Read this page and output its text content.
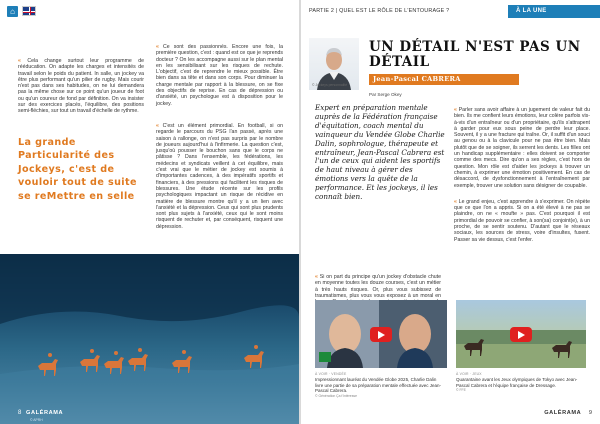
⌂

« Cela change surtout leur programme de rééducation. On adapte les charges et intensités de travail selon le poids du patient. In salle, un jockey va être plus performant qu'un pilier de rugby. Mais courir n'est pas dans ses habitudes, on ne lui demandera pas la même chose sur ce point qu'un joueur de foot ou qu'un coureur de fond par définition. On va insister sur des exercices placés, l'équilibre, des positions semi-fléchies, sur tout un travail d'échelle de rythme.

La grande Particularité des Jockeys, c'est de vouloir tout de suite se reMettre en selle

« Ce sont des passionnés. Encore une fois, la première question, c'est : quand est ce que je reprends docteur ? On les accompagne aussi sur le plan mental en les sensibilisant sur les risques de rechute. L'objectif, c'est de reprendre le mieux possible. Être bien dans sa tête et dans son corps. Pour diminuer la charge mentale par rapport à la blessure, on se fixe des objectifs de reprise. En cas de dépression ou d'anxiété, un psychologue est à disposition pour le jockey.

« C'est un élément primordial. En football, si on regarde le parcours du PSG l'an passé, après une saison à rallonge, on n'est pas surpris par le nombre de joueurs aujourd'hui à l'infirmerie. La question c'est, jusqu'où pousser le bouchon sans que le corps ne pâtisse ? Dans l'ensemble, les fédérations, les médecins et syndicats veillent à cet équilibre, mais c'est vrai que le métier de jockey est soumis à d'importantes cadences, à des impératifs sportifs et financiers, à des pressions qui facilitent les risques de blessures. Une étude récente sur les profils psychologiques impactant un risque de récidive en matière de blessure montre qu'il y a un lien avec l'anxiété et la dépression. Ceux qui sont plus prudents sont plus sujets à l'anxiété, ceux qui le sont moins risquent de rechuter et, par conséquent, risquent une dépression.

8 GALÉRAMA
© APRH
PARTIE 2 | QUEL EST LE RÔLE DE L'ENTOURAGE ?	À LA UNE
© Jockeys personnalité
UN DÉTAIL N'EST PAS UN DÉTAIL
Jean-Pascal CABRERA
Par Serge Okey
Expert en préparation mentale auprès de la Fédération française d'équitation, coach mental du vainqueur du Vendée Globe Charlie Dalin, sophrologue, thérapeute et entraîneur, Jean-Pascal Cabrera est l'un de ceux qui aident les sportifs de haut niveau à gérer des émotions vers la quête de la performance. Et les jockeys, il les connaît bien.

« Si on part du principe qu'un jockey d'obstacle chute en moyenne toutes les douze courses, c'est un métier à très hauts risques. Or, plus vous subissez de traumatismes, plus vous vous exposez à un moral en

« Parler sans avoir affaire à un jugement de valeur fait du bien. Ils me confient leurs émotions, leur colère parfois vis-à-vis d'un entraîneur ou d'un propriétaire, qu'ils s'attrapent à garder pour eux sous peine de perdre leur place. Souvent, il y a une fracture qui traîne. Or, il suffit d'un souci au genou ou à la clavicule pour ne pas être bien. Mais plutôt que de se soigner, ils serrent les dents. Les filles ont un handicap supplémentaire : elles doivent se comporter comme des mecs. Dire qu'on a ses règles, c'est hors de question. Mon rôle est d'aider les jockeys à trouver un chemin, à exprimer une émotion positivement. En cas de désaccord, de dysfonctionnement à l'entraînement par exemple, trouver une solution sans désigner de coupable.

« Le grand enjeu, c'est apprendre à s'exprimer. On répète que ce que l'on a appris. Si on a été élevé à ne pas se plaindre, on ne « moufte » pas. C'est pourquoi il est primordial de pouvoir se confier, à son(sa) conjoint(e), à un proche, de se sentir soutenu. D'autant que le réseaux sociaux, les sources de stress, voire d'insultes, fusent. Passer sa vie dessus, c'est l'enfer.

À VOIR · VENDÉE
Impressionnant lauréat du Vendée Globe 2025, Charlie Dalin livre une partie de sa préparation mentale effectuée avec Jean-Pascal Cabrera.
© Génération Ça t'Intéresse
À VOIR · JEUX
Quarantaine avant les Jeux olympiques de Tokyo avec Jean-Pascal Cabrera et l'équipe française de Dressage.
© FFE
GALÉRAMA 9
